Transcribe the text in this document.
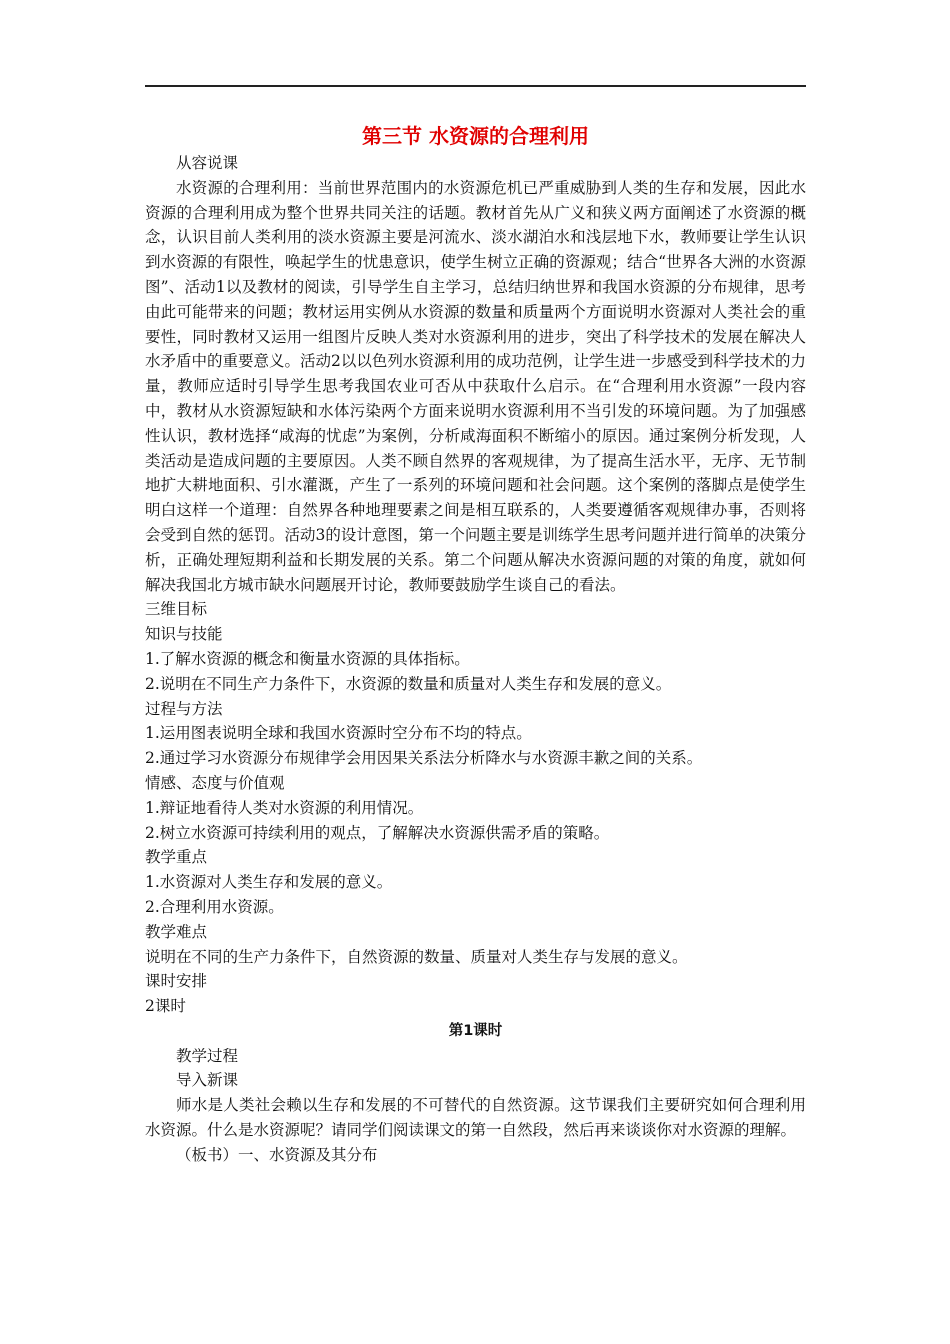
第三节 水资源的合理利用
从容说课
水资源的合理利用：当前世界范围内的水资源危机已严重威胁到人类的生存和发展，因此水资源的合理利用成为整个世界共同关注的话题。教材首先从广义和狭义两方面阐述了水资源的概念，认识目前人类利用的淡水资源主要是河流水、淡水湖泊水和浅层地下水，教师要让学生认识到水资源的有限性，唤起学生的忧患意识，使学生树立正确的资源观；结合“世界各大洲的水资源图”、活动1以及教材的阅读，引导学生自主学习，总结归纳世界和我国水资源的分布规律，思考由此可能带来的问题；教材运用实例从水资源的数量和质量两个方面说明水资源对人类社会的重要性，同时教材又运用一组图片反映人类对水资源利用的进步，突出了科学技术的发展在解决人水矛盾中的重要意义。活动2以以色列水资源利用的成功范例，让学生进一步感受到科学技术的力量，教师应适时引导学生思考我国农业可否从中获取什么启示。在“合理利用水资源”一段内容中，教材从水资源短缺和水体污染两个方面来说明水资源利用不当引发的环境问题。为了加强感性认识，教材选择“咸海的忧虑”为案例，分析咸海面积不断缩小的原因。通过案例分析发现，人类活动是造成问题的主要原因。人类不顾自然界的客观规律，为了提高生活水平，无序、无节制地扩大耕地面积、引水灌溉，产生了一系列的环境问题和社会问题。这个案例的落脚点是使学生明白这样一个道理：自然界各种地理要素之间是相互联系的，人类要遵循客观规律办事，否则将会受到自然的惩罚。活动3的设计意图，第一个问题主要是训练学生思考问题并进行简单的决策分析，正确处理短期利益和长期发展的关系。第二个问题从解决水资源问题的对策的角度，就如何解决我国北方城市缺水问题展开讨论，教师要鼓励学生谈自己的看法。
三维目标
知识与技能
1.了解水资源的概念和衡量水资源的具体指标。
2.说明在不同生产力条件下，水资源的数量和质量对人类生存和发展的意义。
过程与方法
1.运用图表说明全球和我国水资源时空分布不均的特点。
2.通过学习水资源分布规律学会用因果关系法分析降水与水资源丰歉之间的关系。
情感、态度与价值观
1.辩证地看待人类对水资源的利用情况。
2.树立水资源可持续利用的观点，了解解决水资源供需矛盾的策略。
教学重点
1.水资源对人类生存和发展的意义。
2.合理利用水资源。
教学难点
说明在不同的生产力条件下，自然资源的数量、质量对人类生存与发展的意义。
课时安排
2课时
第1课时
教学过程
导入新课
师水是人类社会赖以生存和发展的不可替代的自然资源。这节课我们主要研究如何合理利用水资源。什么是水资源呢？请同学们阅读课文的第一自然段，然后再来谈谈你对水资源的理解。
（板书）一、水资源及其分布
